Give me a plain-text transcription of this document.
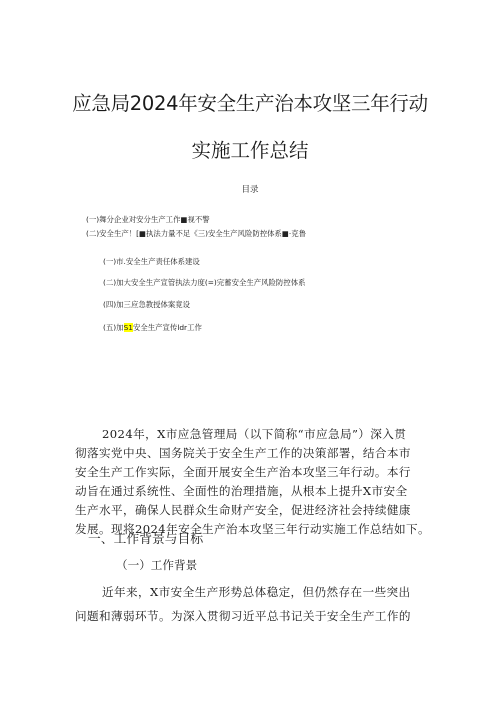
应急局2024年安全生产治本攻坚三年行动
实施工作总结
目录
(一)舞分企业对安分生产工作■视不警
(二)安全生产！[■执法力量不足《三)安全生产风险防控体系■·克鲁
(一)市.安全生产责任体系建设
(二)加大安全生产宣管执法力度(=)完蓄安全生产风险防控体系
(四)加三应急教授体案竟设
(五)加S1安全生产宣传ldr工作
2024年，X市应急管理局（以下简称“市应急局”）深入贯
彻落实党中央、国务院关于安全生产工作的决策部署，结合本市
安全生产工作实际，全面开展安全生产治本攻坚三年行动。本行
动旨在通过系统性、全面性的治理措施，从根本上提升X市安全
生产水平，确保人民群众生命财产安全，促进经济社会持续健康
发展。现将2024年安全生产治本攻坚三年行动实施工作总结如下。
一、工作背景与目标
（一）工作背景
近年来，X市安全生产形势总体稳定，但仍然存在一些突出
问题和薄弱环节。为深入贯彻习近平总书记关于安全生产工作的
